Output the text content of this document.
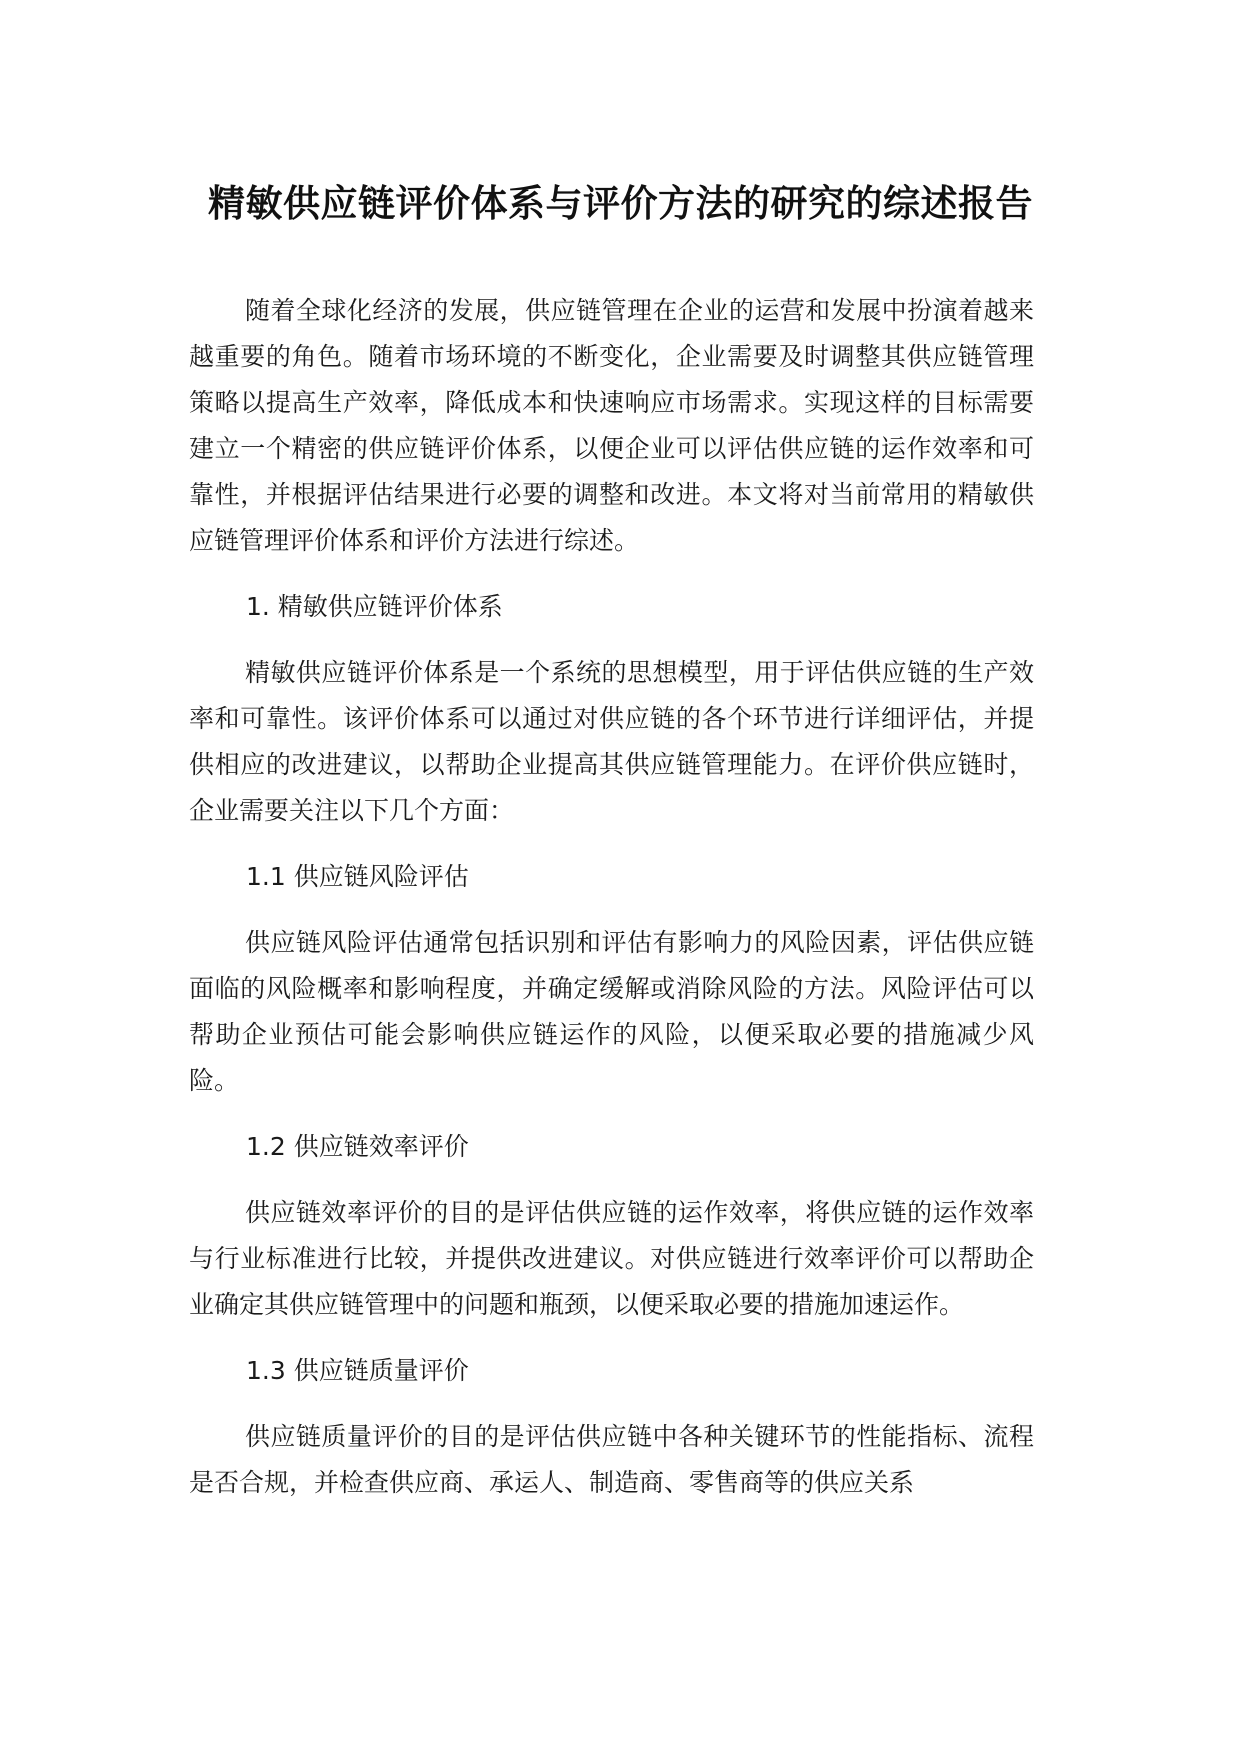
精敏供应链评价体系与评价方法的研究的综述报告

随着全球化经济的发展，供应链管理在企业的运营和发展中扮演着越来越重要的角色。随着市场环境的不断变化，企业需要及时调整其供应链管理策略以提高生产效率，降低成本和快速响应市场需求。实现这样的目标需要建立一个精密的供应链评价体系，以便企业可以评估供应链的运作效率和可靠性，并根据评估结果进行必要的调整和改进。本文将对当前常用的精敏供应链管理评价体系和评价方法进行综述。

1. 精敏供应链评价体系

精敏供应链评价体系是一个系统的思想模型，用于评估供应链的生产效率和可靠性。该评价体系可以通过对供应链的各个环节进行详细评估，并提供相应的改进建议，以帮助企业提高其供应链管理能力。在评价供应链时，企业需要关注以下几个方面：

1.1 供应链风险评估

供应链风险评估通常包括识别和评估有影响力的风险因素，评估供应链面临的风险概率和影响程度，并确定缓解或消除风险的方法。风险评估可以帮助企业预估可能会影响供应链运作的风险，以便采取必要的措施减少风险。

1.2 供应链效率评价

供应链效率评价的目的是评估供应链的运作效率，将供应链的运作效率与行业标准进行比较，并提供改进建议。对供应链进行效率评价可以帮助企业确定其供应链管理中的问题和瓶颈，以便采取必要的措施加速运作。

1.3 供应链质量评价

供应链质量评价的目的是评估供应链中各种关键环节的性能指标、流程是否合规，并检查供应商、承运人、制造商、零售商等的供应关系
